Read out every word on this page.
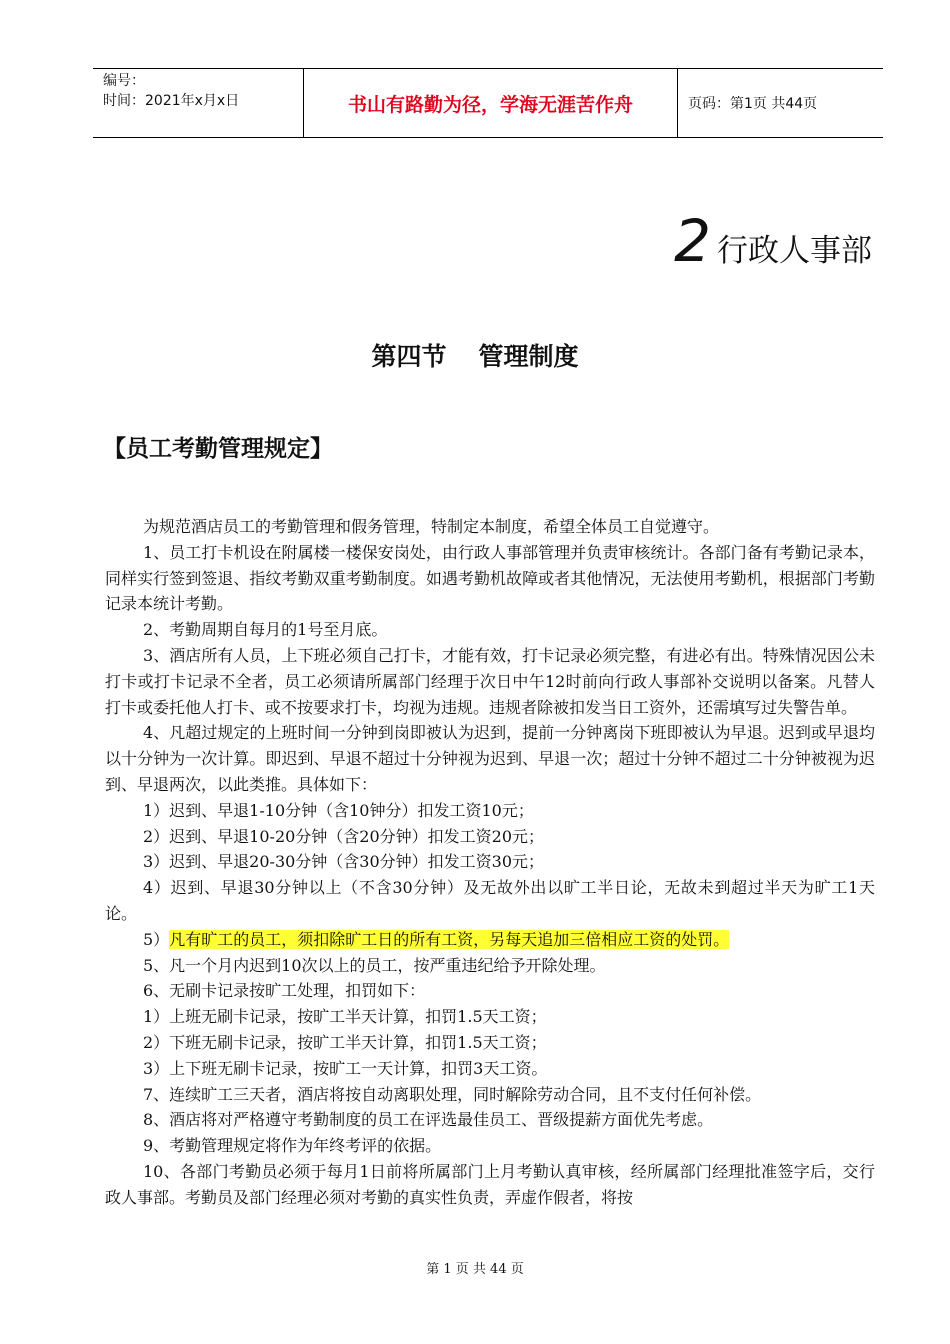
编号：
时间：2021年x月x日	书山有路勤为径，学海无涯苦作舟	页码：第1页 共44页
2 行政人事部
第四节 管理制度
【员工考勤管理规定】

为规范酒店员工的考勤管理和假务管理，特制定本制度，希望全体员工自觉遵守。

1、员工打卡机设在附属楼一楼保安岗处，由行政人事部管理并负责审核统计。各部门备有考勤记录本，同样实行签到签退、指纹考勤双重考勤制度。如遇考勤机故障或者其他情况，无法使用考勤机，根据部门考勤记录本统计考勤。

2、考勤周期自每月的1号至月底。

3、酒店所有人员，上下班必须自己打卡，才能有效，打卡记录必须完整，有进必有出。特殊情况因公未打卡或打卡记录不全者，员工必须请所属部门经理于次日中午12时前向行政人事部补交说明以备案。凡替人打卡或委托他人打卡、或不按要求打卡，均视为违规。违规者除被扣发当日工资外，还需填写过失警告单。

4、凡超过规定的上班时间一分钟到岗即被认为迟到，提前一分钟离岗下班即被认为早退。迟到或早退均以十分钟为一次计算。即迟到、早退不超过十分钟视为迟到、早退一次；超过十分钟不超过二十分钟被视为迟到、早退两次，以此类推。具体如下：

1）迟到、早退1-10分钟（含10钟分）扣发工资10元；

2）迟到、早退10-20分钟（含20分钟）扣发工资20元；

3）迟到、早退20-30分钟（含30分钟）扣发工资30元；

4）迟到、早退30分钟以上（不含30分钟）及无故外出以旷工半日论，无故未到超过半天为旷工1天论。

5）凡有旷工的员工，须扣除旷工日的所有工资，另每天追加三倍相应工资的处罚。

5、凡一个月内迟到10次以上的员工，按严重违纪给予开除处理。

6、无刷卡记录按旷工处理，扣罚如下：

1）上班无刷卡记录，按旷工半天计算，扣罚1.5天工资；

2）下班无刷卡记录，按旷工半天计算，扣罚1.5天工资；

3）上下班无刷卡记录，按旷工一天计算，扣罚3天工资。

7、连续旷工三天者，酒店将按自动离职处理，同时解除劳动合同，且不支付任何补偿。

8、酒店将对严格遵守考勤制度的员工在评选最佳员工、晋级提薪方面优先考虑。

9、考勤管理规定将作为年终考评的依据。

10、各部门考勤员必须于每月1日前将所属部门上月考勤认真审核，经所属部门经理批准签字后，交行政人事部。考勤员及部门经理必须对考勤的真实性负责，弄虚作假者，将按

第 1 页 共 44 页
